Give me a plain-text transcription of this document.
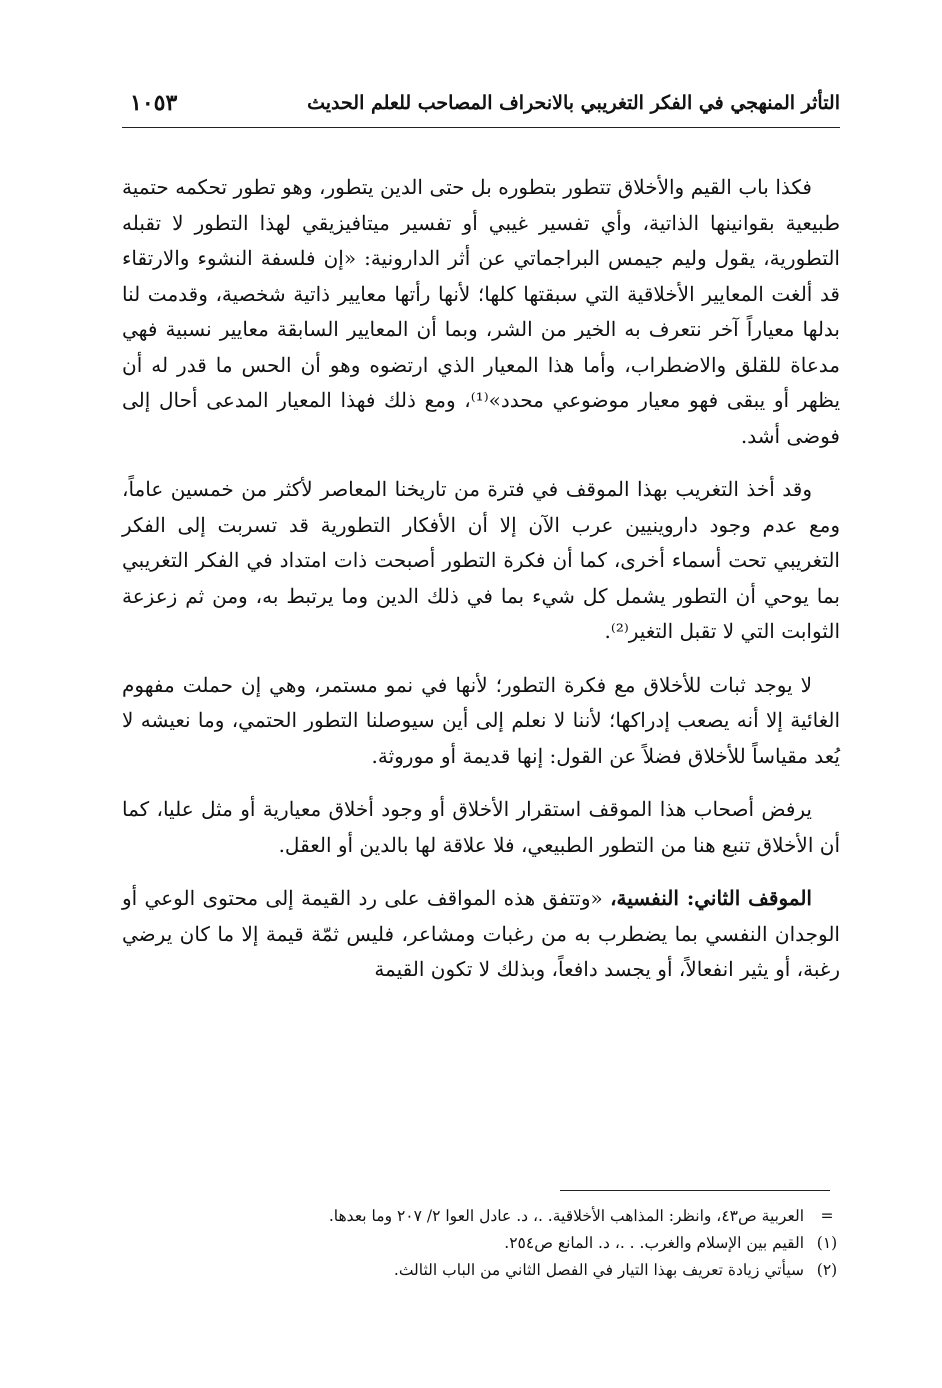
التأثر المنهجي في الفكر التغريبي بالانحراف المصاحب للعلم الحديث
١٠٥٣

فكذا باب القيم والأخلاق تتطور بتطوره بل حتى الدين يتطور، وهو تطور تحكمه حتمية طبيعية بقوانينها الذاتية، وأي تفسير غيبي أو تفسير ميتافيزيقي لهذا التطور لا تقبله التطورية، يقول وليم جيمس البراجماتي عن أثر الدارونية: «إن فلسفة النشوء والارتقاء قد ألغت المعايير الأخلاقية التي سبقتها كلها؛ لأنها رأتها معايير ذاتية شخصية، وقدمت لنا بدلها معياراً آخر نتعرف به الخير من الشر، وبما أن المعايير السابقة معايير نسبية فهي مدعاة للقلق والاضطراب، وأما هذا المعيار الذي ارتضوه وهو أن الحس ما قدر له أن يظهر أو يبقى فهو معيار موضوعي محدد»⁽¹⁾، ومع ذلك فهذا المعيار المدعى أحال إلى فوضى أشد.

وقد أخذ التغريب بهذا الموقف في فترة من تاريخنا المعاصر لأكثر من خمسين عاماً، ومع عدم وجود داروينيين عرب الآن إلا أن الأفكار التطورية قد تسربت إلى الفكر التغريبي تحت أسماء أخرى، كما أن فكرة التطور أصبحت ذات امتداد في الفكر التغريبي بما يوحي أن التطور يشمل كل شيء بما في ذلك الدين وما يرتبط به، ومن ثم زعزعة الثوابت التي لا تقبل التغير⁽²⁾.

لا يوجد ثبات للأخلاق مع فكرة التطور؛ لأنها في نمو مستمر، وهي إن حملت مفهوم الغائية إلا أنه يصعب إدراكها؛ لأننا لا نعلم إلى أين سيوصلنا التطور الحتمي، وما نعيشه لا يُعد مقياساً للأخلاق فضلاً عن القول: إنها قديمة أو موروثة.

يرفض أصحاب هذا الموقف استقرار الأخلاق أو وجود أخلاق معيارية أو مثل عليا، كما أن الأخلاق تنبع هنا من التطور الطبيعي، فلا علاقة لها بالدين أو العقل.

الموقف الثاني: النفسية، «وتتفق هذه المواقف على رد القيمة إلى محتوى الوعي أو الوجدان النفسي بما يضطرب به من رغبات ومشاعر، فليس ثمّة قيمة إلا ما كان يرضي رغبة، أو يثير انفعالاً، أو يجسد دافعاً، وبذلك لا تكون القيمة

=
العربية ص٤٣، وانظر: المذاهب الأخلاقية. .، د. عادل العوا ٢/ ٢٠٧ وما بعدها.
(١)
القيم بين الإسلام والغرب. . .، د. المانع ص٢٥٤.
(٢)
سيأتي زيادة تعريف بهذا التيار في الفصل الثاني من الباب الثالث.
